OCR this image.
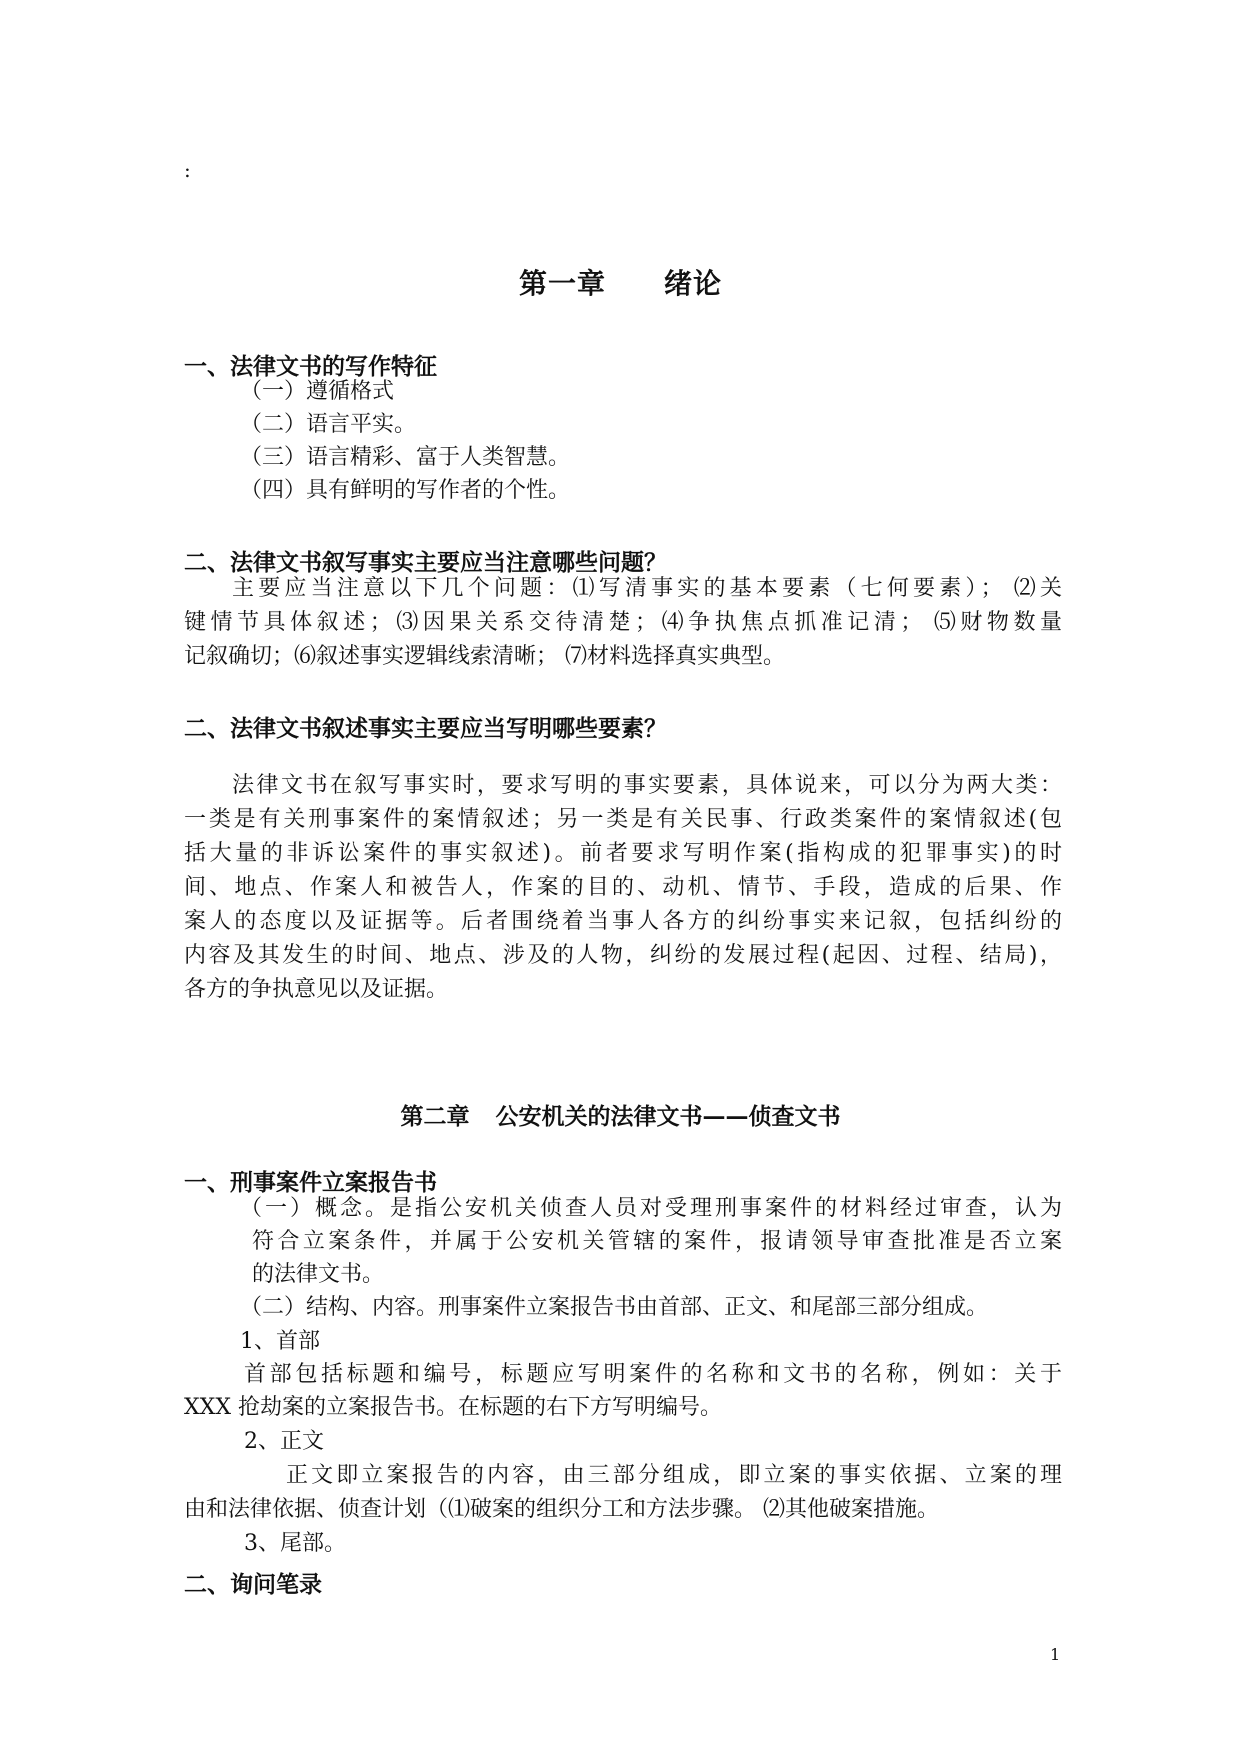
:
第一章 绪论
一、法律文书的写作特征
（一）遵循格式
（二）语言平实。
（三）语言精彩、富于人类智慧。
（四）具有鲜明的写作者的个性。
二、法律文书叙写事实主要应当注意哪些问题？
主要应当注意以下几个问题：⑴写清事实的基本要素（七何要素）； ⑵关
键情节具体叙述；⑶因果关系交待清楚；⑷争执焦点抓准记清； ⑸财物数量
记叙确切；⑹叙述事实逻辑线索清晰； ⑺材料选择真实典型。
二、法律文书叙述事实主要应当写明哪些要素？
法律文书在叙写事实时，要求写明的事实要素，具体说来，可以分为两大类：
一类是有关刑事案件的案情叙述；另一类是有关民事、行政类案件的案情叙述(包
括大量的非诉讼案件的事实叙述)。前者要求写明作案(指构成的犯罪事实)的时
间、地点、作案人和被告人，作案的目的、动机、情节、手段，造成的后果、作
案人的态度以及证据等。后者围绕着当事人各方的纠纷事实来记叙，包括纠纷的
内容及其发生的时间、地点、涉及的人物，纠纷的发展过程(起因、过程、结局)，
各方的争执意见以及证据。
第二章 公安机关的法律文书——侦查文书
一、刑事案件立案报告书
（一）概念。是指公安机关侦查人员对受理刑事案件的材料经过审查，认为
符合立案条件，并属于公安机关管辖的案件，报请领导审查批准是否立案
的法律文书。
（二）结构、内容。刑事案件立案报告书由首部、正文、和尾部三部分组成。
1、首部
首部包括标题和编号，标题应写明案件的名称和文书的名称，例如：关于
XXX 抢劫案的立案报告书。在标题的右下方写明编号。
2、正文
正文即立案报告的内容，由三部分组成，即立案的事实依据、立案的理
由和法律依据、侦查计划（⑴破案的组织分工和方法步骤。 ⑵其他破案措施。
3、尾部。
二、询问笔录
1
